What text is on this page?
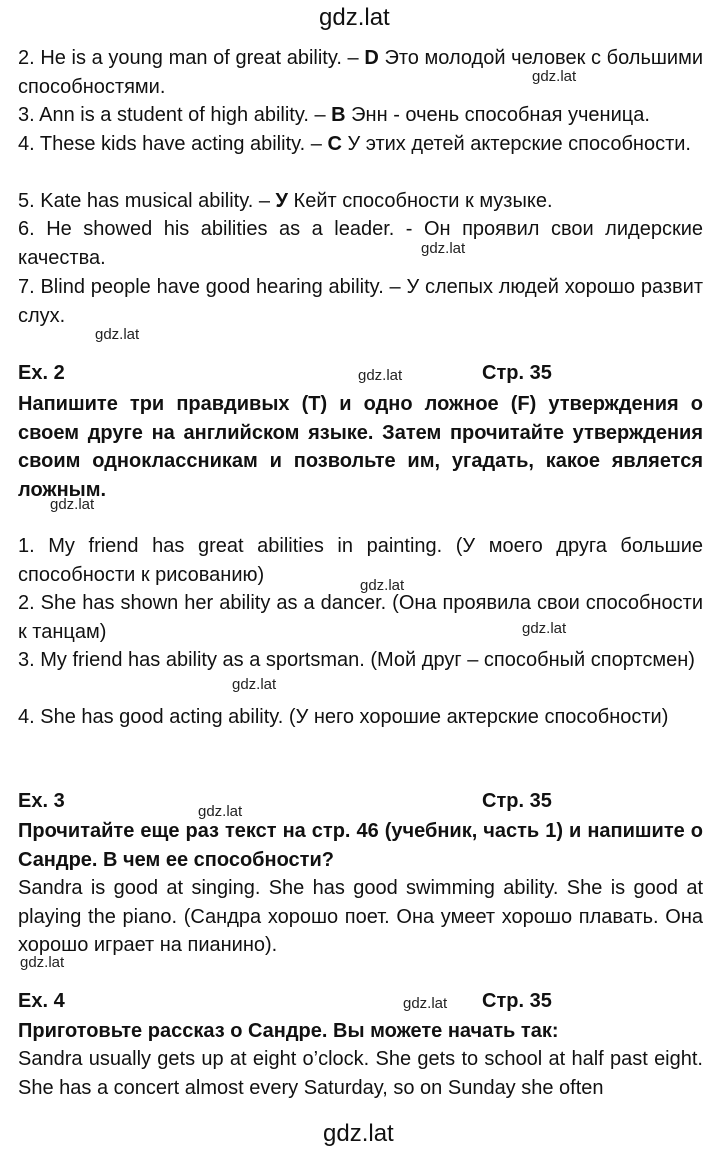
gdz.lat
gdz.lat
gdz.lat
gdz.lat
gdz.lat
gdz.lat
gdz.lat
gdz.lat
gdz.lat
gdz.lat
gdz.lat
gdz.lat
gdz.lat
2. He is a young man of great ability. – D Это молодой человек с большими способностями.
3. Ann is a student of high ability. – B Энн - очень способная ученица.
4. These kids have acting ability. – C У этих детей актерские способности.
5. Kate has musical ability. – У Кейт способности к музыке.
6. He showed his abilities as a leader. - Он проявил свои лидерские качества.
7. Blind people have good hearing ability. – У слепых людей хорошо развит слух.
Ex. 2	Стр. 35
Напишите три правдивых (T) и одно ложное (F) утверждения о своем друге на английском языке. Затем прочитайте утверждения своим одноклассникам и позвольте им, угадать, какое является ложным.
1. My friend has great abilities in painting. (У моего друга большие способности к рисованию)
2. She has shown her ability as a dancer. (Она проявила свои способности к танцам)
3. My friend has ability as a sportsman. (Мой друг – способный спортсмен)
4. She has good acting ability. (У него хорошие актерские способности)
Ex. 3	Стр. 35
Прочитайте еще раз текст на стр. 46 (учебник, часть 1) и напишите о Сандре. В чем ее способности?
Sandra is good at singing. She has good swimming ability. She is good at playing the piano. (Сандра хорошо поет. Она умеет хорошо плавать. Она хорошо играет на пианино).
Ex. 4	Стр. 35
Приготовьте рассказ о Сандре. Вы можете начать так:
Sandra usually gets up at eight o’clock. She gets to school at half past eight. She has a concert almost every Saturday, so on Sunday she often
